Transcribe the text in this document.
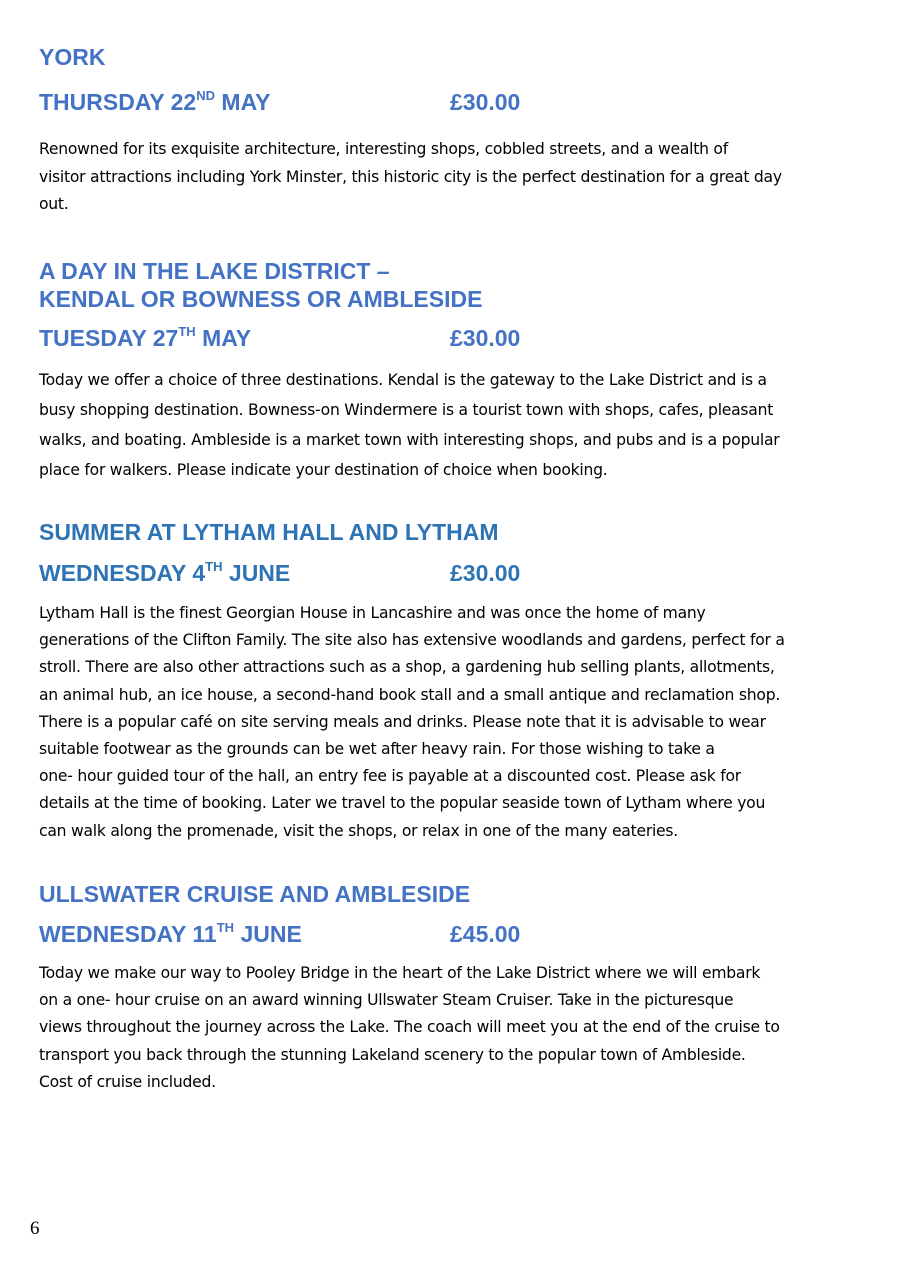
YORK
THURSDAY 22ND MAY	£30.00
Renowned for its exquisite architecture, interesting shops, cobbled streets, and a wealth of
visitor attractions including York Minster, this historic city is the perfect destination for a great day
out.
A DAY IN THE LAKE DISTRICT –
KENDAL OR BOWNESS OR AMBLESIDE
TUESDAY 27TH MAY	£30.00
Today we offer a choice of three destinations. Kendal is the gateway to the Lake District and is a
busy shopping destination. Bowness-on Windermere is a tourist town with shops, cafes, pleasant
walks, and boating. Ambleside is a market town with interesting shops, and pubs and is a popular
place for walkers. Please indicate your destination of choice when booking.
SUMMER AT LYTHAM HALL AND LYTHAM
WEDNESDAY 4TH JUNE	£30.00
Lytham Hall is the finest Georgian House in Lancashire and was once the home of many
generations of the Clifton Family. The site also has extensive woodlands and gardens, perfect for a
stroll. There are also other attractions such as a shop, a gardening hub selling plants, allotments,
an animal hub, an ice house, a second-hand book stall and a small antique and reclamation shop.
There is a popular café on site serving meals and drinks. Please note that it is advisable to wear
suitable footwear as the grounds can be wet after heavy rain. For those wishing to take a
one- hour guided tour of the hall, an entry fee is payable at a discounted cost. Please ask for
details at the time of booking. Later we travel to the popular seaside town of Lytham where you
can walk along the promenade, visit the shops, or relax in one of the many eateries.
ULLSWATER CRUISE AND AMBLESIDE
WEDNESDAY 11TH JUNE	£45.00
Today we make our way to Pooley Bridge in the heart of the Lake District where we will embark
on a one- hour cruise on an award winning Ullswater Steam Cruiser. Take in the picturesque
views throughout the journey across the Lake. The coach will meet you at the end of the cruise to
transport you back through the stunning Lakeland scenery to the popular town of Ambleside.
Cost of cruise included.
6
